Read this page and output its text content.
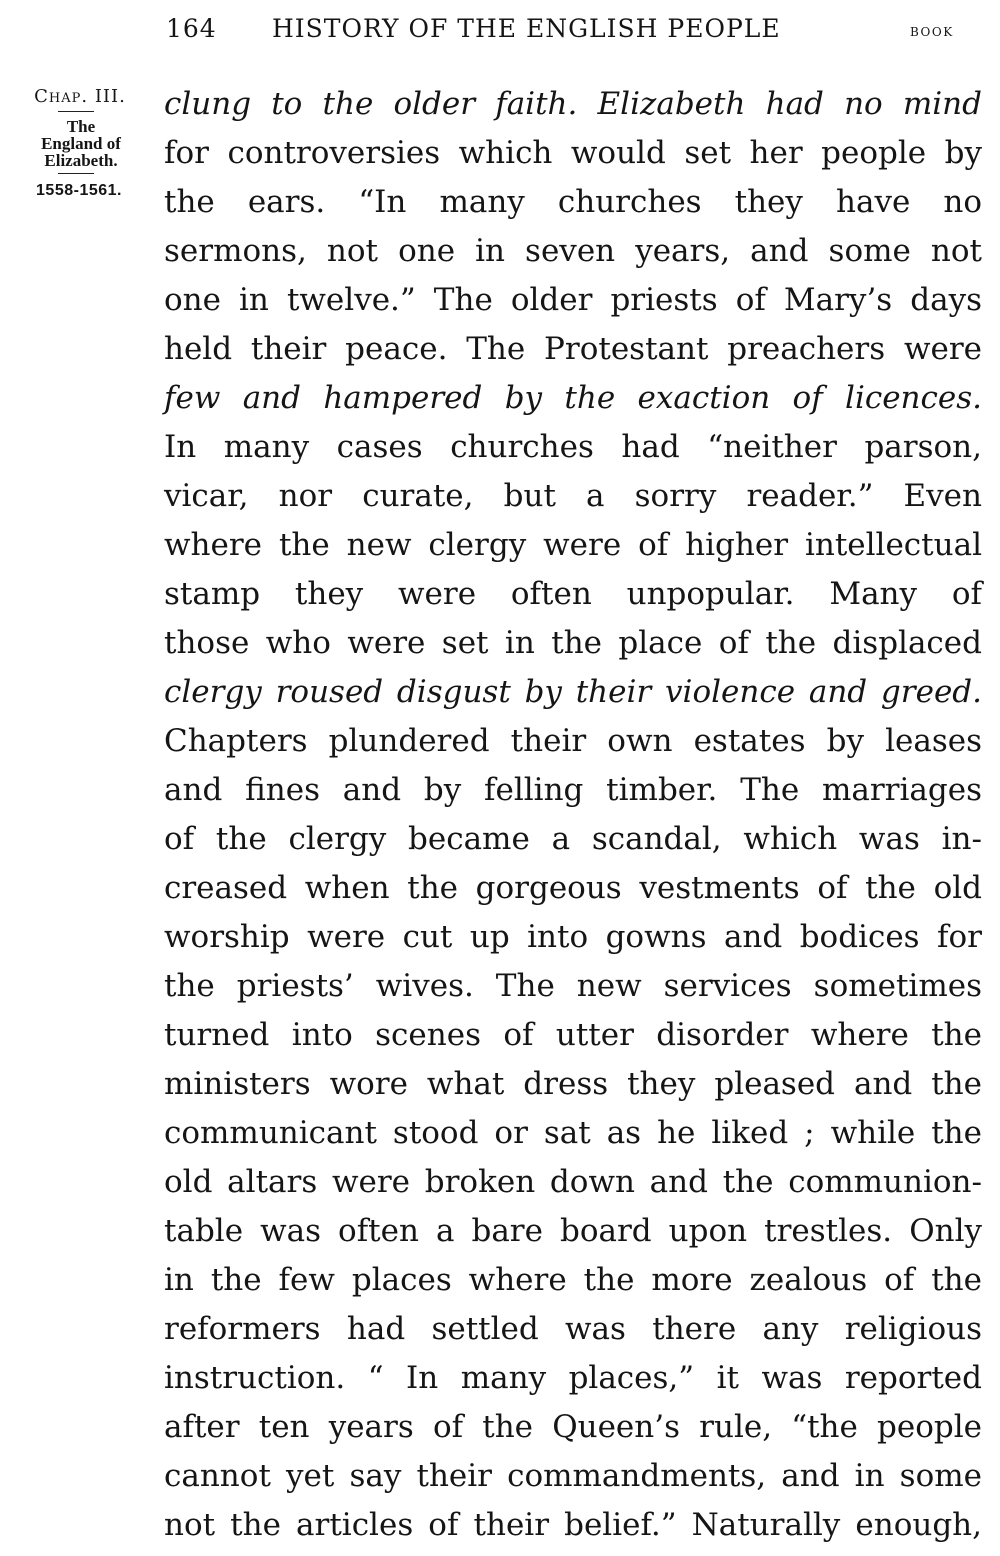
164 HISTORY OF THE ENGLISH PEOPLE	book
Chap. III.
The
England of
Elizabeth.
1558-1561.
clung to the older faith. Elizabeth had no mind
for controversies which would set her people by
the ears. “In many churches they have no
sermons, not one in seven years, and some not
one in twelve.” The older priests of Mary’s days
held their peace. The Protestant preachers were
few and hampered by the exaction of licences.
In many cases churches had “neither parson,
vicar, nor curate, but a sorry reader.” Even
where the new clergy were of higher intellectual
stamp they were often unpopular. Many of
those who were set in the place of the displaced
clergy roused disgust by their violence and greed.
Chapters plundered their own estates by leases
and fines and by felling timber. The marriages
of the clergy became a scandal, which was in-
creased when the gorgeous vestments of the old
worship were cut up into gowns and bodices for
the priests’ wives. The new services sometimes
turned into scenes of utter disorder where the
ministers wore what dress they pleased and the
communicant stood or sat as he liked ; while the
old altars were broken down and the communion-
table was often a bare board upon trestles. Only
in the few places where the more zealous of the
reformers had settled was there any religious
instruction. “ In many places,” it was reported
after ten years of the Queen’s rule, “the people
cannot yet say their commandments, and in some
not the articles of their belief.” Naturally enough,
